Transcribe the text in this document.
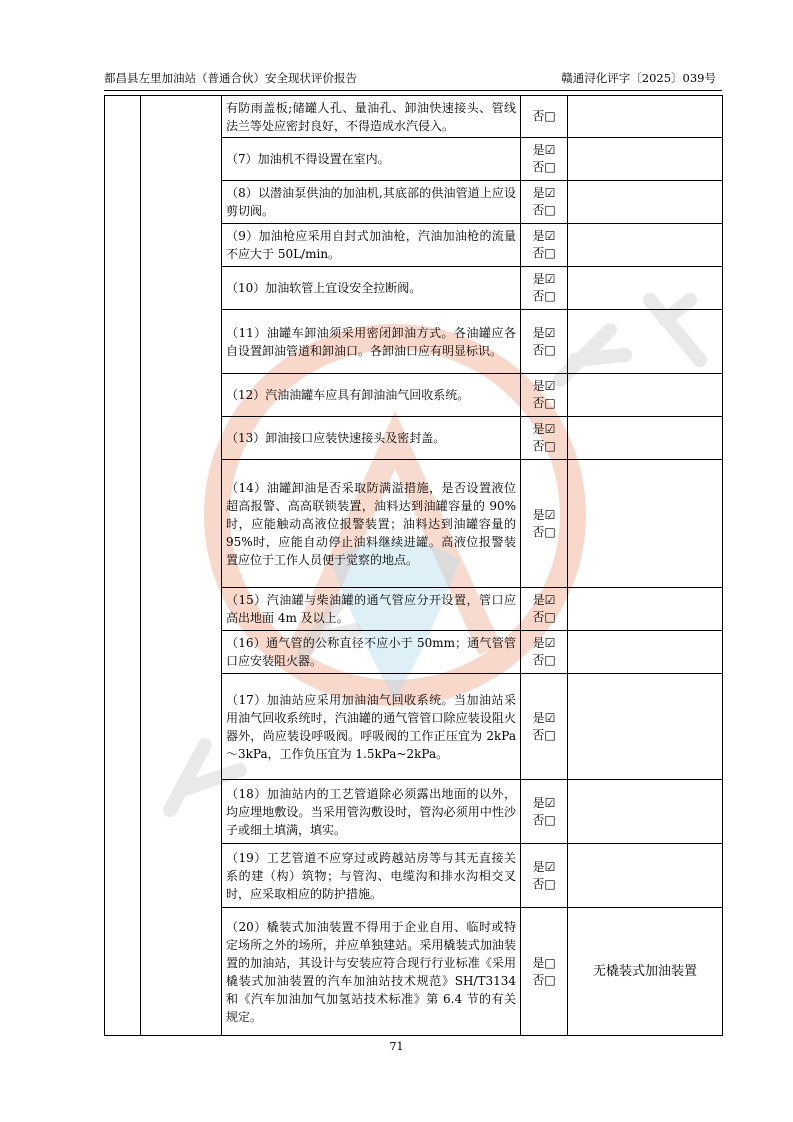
都昌县左里加油站（普通合伙）安全现状评价报告	赣通浔化评字〔2025〕039号
		有防雨盖板;储罐人孔、量油孔、卸油快速接头、管线法兰等处应密封良好，不得造成水汽侵入。	否□	

		（7）加油机不得设置在室内。	是☑
否□	

		（8）以潜油泵供油的加油机,其底部的供油管道上应设剪切阀。	是☑
否□	

		（9）加油枪应采用自封式加油枪，汽油加油枪的流量不应大于 50L/min。	是☑
否□	

		（10）加油软管上宜设安全拉断阀。	是☑
否□	

		（11）油罐车卸油须采用密闭卸油方式。各油罐应各自设置卸油管道和卸油口。各卸油口应有明显标识。	是☑
否□	

		（12）汽油油罐车应具有卸油油气回收系统。	是☑
否□	

		（13）卸油接口应装快速接头及密封盖。	是☑
否□	

		（14）油罐卸油是否采取防满溢措施，是否设置液位超高报警、高高联锁装置，油料达到油罐容量的 90%时，应能触动高液位报警装置；油料达到油罐容量的 95%时，应能自动停止油料继续进罐。高液位报警装置应位于工作人员便于觉察的地点。	是☑
否□	

		（15）汽油罐与柴油罐的通气管应分开设置，管口应高出地面 4m 及以上。	是☑
否□	

		（16）通气管的公称直径不应小于 50mm；通气管管口应安装阻火器。	是☑
否□	

		（17）加油站应采用加油油气回收系统。当加油站采用油气回收系统时，汽油罐的通气管管口除应装设阻火器外，尚应装设呼吸阀。呼吸阀的工作正压宜为 2kPa～3kPa，工作负压宜为 1.5kPa~2kPa。	是☑
否□	

		（18）加油站内的工艺管道除必须露出地面的以外，均应埋地敷设。当采用管沟敷设时，管沟必须用中性沙子或细土填满，填实。	是☑
否□	

		（19）工艺管道不应穿过或跨越站房等与其无直接关系的建（构）筑物；与管沟、电缆沟和排水沟相交叉时，应采取相应的防护措施。	是☑
否□	

		（20）橇装式加油装置不得用于企业自用、临时或特定场所之外的场所，并应单独建站。采用橇装式加油装置的加油站，其设计与安装应符合现行行业标准《采用橇装式加油装置的汽车加油站技术规范》SH/T3134 和《汽车加油加气加氢站技术标准》第 6.4 节的有关规定。	是□
否□	无橇装式加油装置
71
